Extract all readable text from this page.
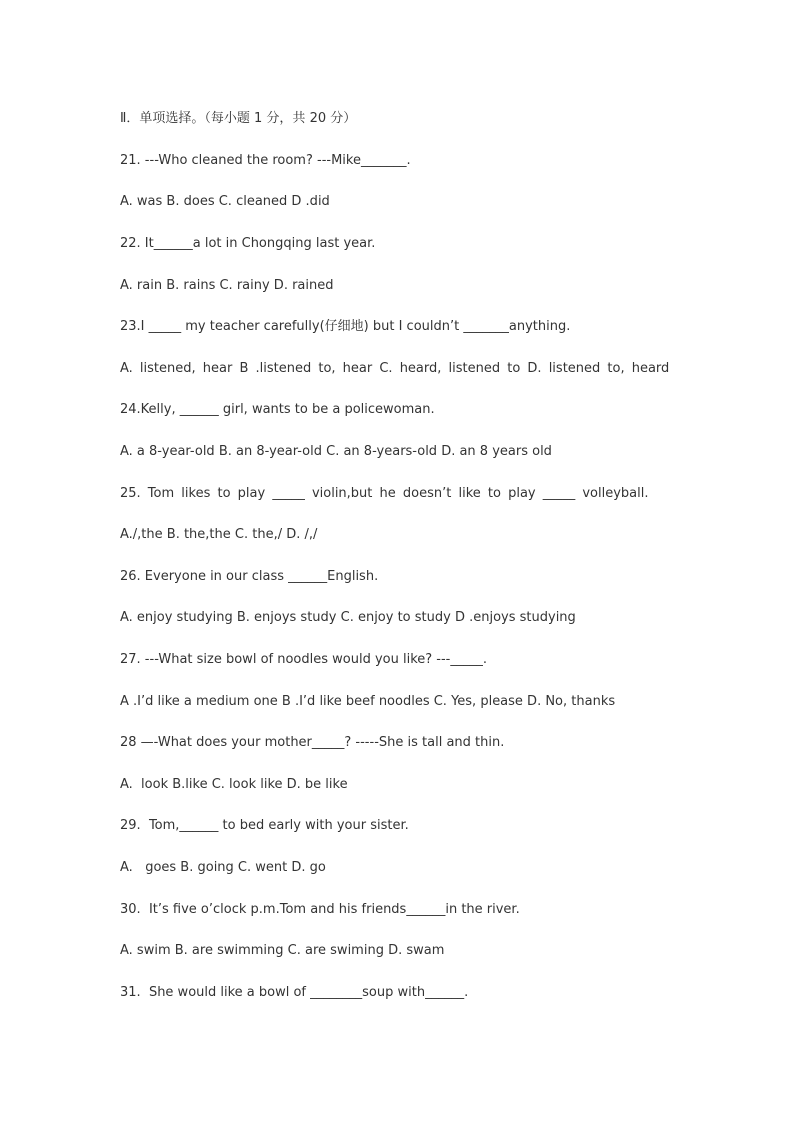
Ⅱ．单项选择。（每小题 1 分，共 20 分）
21. ---Who cleaned the room? ---Mike_______.
A. was B. does C. cleaned D .did
22. It______a lot in Chongqing last year.
A. rain B. rains C. rainy D. rained
23.I _____ my teacher carefully(仔细地) but I couldn’t _______anything.
A. listened, hear B .listened to, hear C. heard, listened to D. listened to, heard
24.Kelly, ______ girl, wants to be a policewoman.
A. a 8-year-old B. an 8-year-old C. an 8-years-old D. an 8 years old
25. Tom likes to play _____ violin,but he doesn’t like to play _____ volleyball.
A./,the B. the,the C. the,/ D. /,/
26. Everyone in our class ______English.
A. enjoy studying B. enjoys study C. enjoy to study D .enjoys studying
27. ---What size bowl of noodles would you like? ---_____.
A .I’d like a medium one B .I’d like beef noodles C. Yes, please D. No, thanks
28 —-What does your mother_____? -----She is tall and thin.
A.  look B.like C. look like D. be like
29.  Tom,______ to bed early with your sister.
A.   goes B. going C. went D. go
30.  It’s five o’clock p.m.Tom and his friends______in the river.
A. swim B. are swimming C. are swiming D. swam
31.  She would like a bowl of ________soup with______.
